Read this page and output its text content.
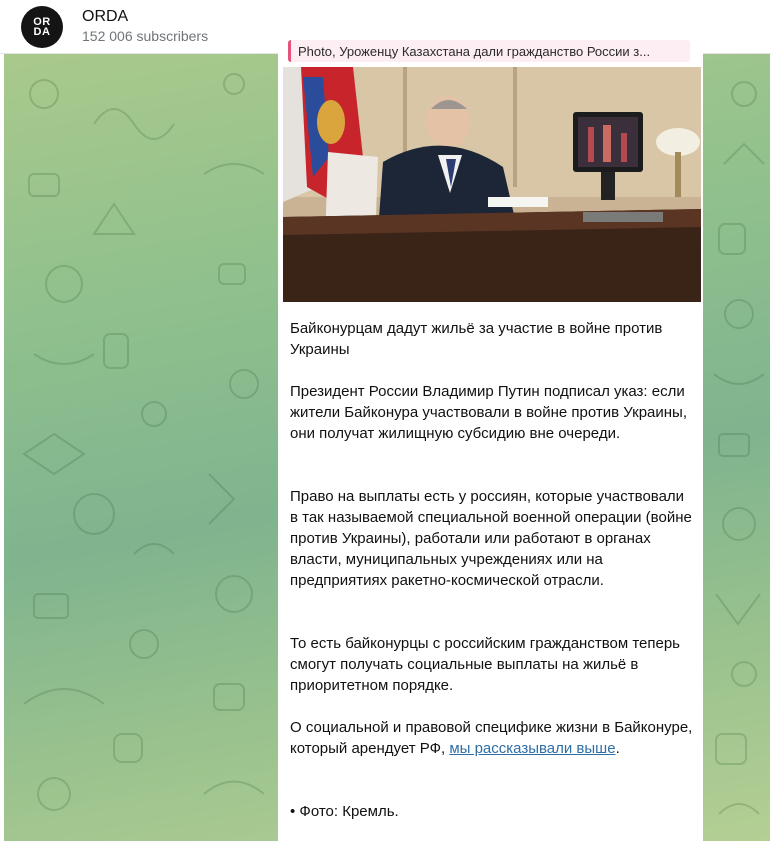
OR
DA
ORDA
152 006 subscribers
Photo, Уроженцу Казахстана дали гражданство России з...
Байконурцам дадут жильё за участие в войне против Украины
Президент России Владимир Путин подписал указ: если жители Байконура участвовали в войне против Украины, они получат жилищную субсидию вне очереди.
Право на выплаты есть у россиян, которые участвовали в так называемой специальной военной операции (войне против Украины), работали или работают в органах власти, муниципальных учреждениях или на предприятиях ракетно-космической отрасли.
То есть байконурцы с российским гражданством теперь смогут получать социальные выплаты на жильё в приоритетном порядке.
О социальной и правовой специфике жизни в Байконуре, который арендует РФ, мы рассказывали выше.
• Фото: Кремль.
